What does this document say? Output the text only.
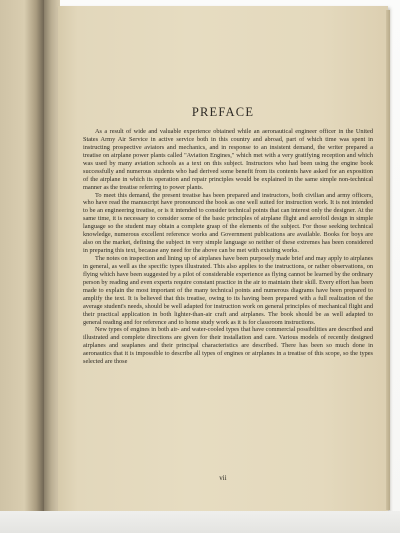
PREFACE

As a result of wide and valuable experience obtained while an aeronautical engineer officer in the United States Army Air Service in active service both in this country and abroad, part of which time was spent in instructing prospective aviators and mechanics, and in response to an insistent demand, the writer prepared a treatise on airplane power plants called "Aviation Engines," which met with a very gratifying reception and which was used by many aviation schools as a text on this subject. Instructors who had been using the engine book successfully and numerous students who had derived some benefit from its contents have asked for an exposition of the airplane in which its operation and repair principles would be explained in the same simple non-technical manner as the treatise referring to power plants.

To meet this demand, the present treatise has been prepared and instructors, both civilian and army officers, who have read the manuscript have pronounced the book as one well suited for instruction work. It is not intended to be an engineering treatise, or is it intended to consider technical points that can interest only the designer. At the same time, it is necessary to consider some of the basic principles of airplane flight and aerofoil design in simple language so the student may obtain a complete grasp of the elements of the subject. For those seeking technical knowledge, numerous excellent reference works and Government publications are available. Books for boys are also on the market, defining the subject in very simple language so neither of these extremes has been considered in preparing this text, because any need for the above can be met with existing works.

The notes on inspection and lining up of airplanes have been purposely made brief and may apply to airplanes in general, as well as the specific types illustrated. This also applies to the instructions, or rather observations, on flying which have been suggested by a pilot of considerable experience as flying cannot be learned by the ordinary person by reading and even experts require constant practice in the air to maintain their skill. Every effort has been made to explain the most important of the many technical points and numerous diagrams have been prepared to amplify the text. It is believed that this treatise, owing to its having been prepared with a full realization of the average student's needs, should be well adapted for instruction work on general principles of mechanical flight and their practical application in both lighter-than-air craft and airplanes. The book should be as well adapted to general reading and for reference and to home study work as it is for classroom instructions.

New types of engines in both air- and water-cooled types that have commercial possibilities are described and illustrated and complete directions are given for their installation and care. Various models of recently designed airplanes and seaplanes and their principal characteristics are described. There has been so much done in aeronautics that it is impossible to describe all types of engines or airplanes in a treatise of this scope, so the types selected are those

vii
